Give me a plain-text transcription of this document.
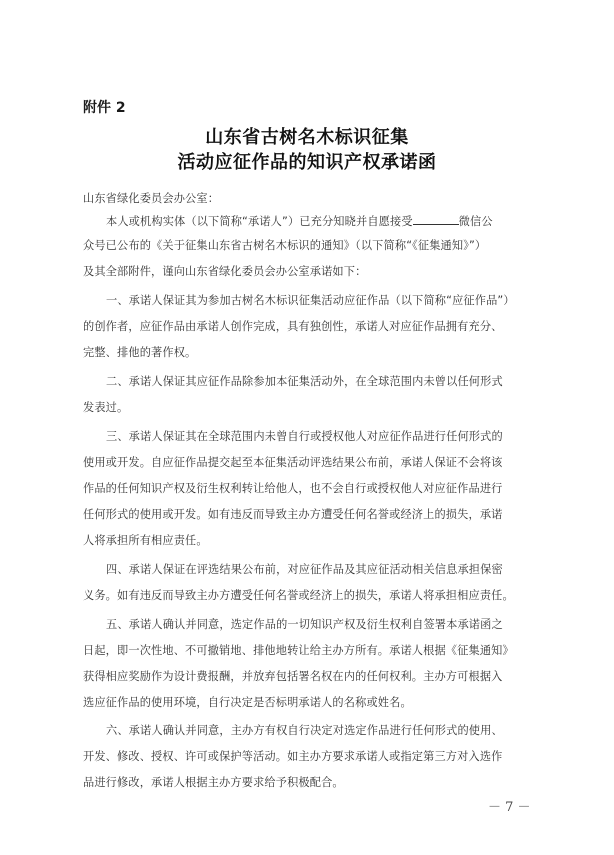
附件 2
山东省古树名木标识征集
活动应征作品的知识产权承诺函
山东省绿化委员会办公室：
本人或机构实体（以下简称“承诺人”）已充分知晓并自愿接受	微信公
众号已公布的《关于征集山东省古树名木标识的通知》（以下简称“《征集通知》”）
及其全部附件，谨向山东省绿化委员会办公室承诺如下：
一、承诺人保证其为参加古树名木标识征集活动应征作品（以下简称“应征作品”）
的创作者，应征作品由承诺人创作完成，具有独创性，承诺人对应征作品拥有充分、
完整、排他的著作权。
二、承诺人保证其应征作品除参加本征集活动外，在全球范围内未曾以任何形式
发表过。
三、承诺人保证其在全球范围内未曾自行或授权他人对应征作品进行任何形式的
使用或开发。自应征作品提交起至本征集活动评选结果公布前，承诺人保证不会将该
作品的任何知识产权及衍生权利转让给他人，也不会自行或授权他人对应征作品进行
任何形式的使用或开发。如有违反而导致主办方遭受任何名誉或经济上的损失，承诺
人将承担所有相应责任。
四、承诺人保证在评选结果公布前，对应征作品及其应征活动相关信息承担保密
义务。如有违反而导致主办方遭受任何名誉或经济上的损失，承诺人将承担相应责任。
五、承诺人确认并同意，选定作品的一切知识产权及衍生权利自签署本承诺函之
日起，即一次性地、不可撤销地、排他地转让给主办方所有。承诺人根据《征集通知》
获得相应奖励作为设计费报酬，并放弃包括署名权在内的任何权利。主办方可根据入
选应征作品的使用环境，自行决定是否标明承诺人的名称或姓名。
六、承诺人确认并同意，主办方有权自行决定对选定作品进行任何形式的使用、
开发、修改、授权、许可或保护等活动。如主办方要求承诺人或指定第三方对入选作
品进行修改，承诺人根据主办方要求给予积极配合。
－ 7 －
